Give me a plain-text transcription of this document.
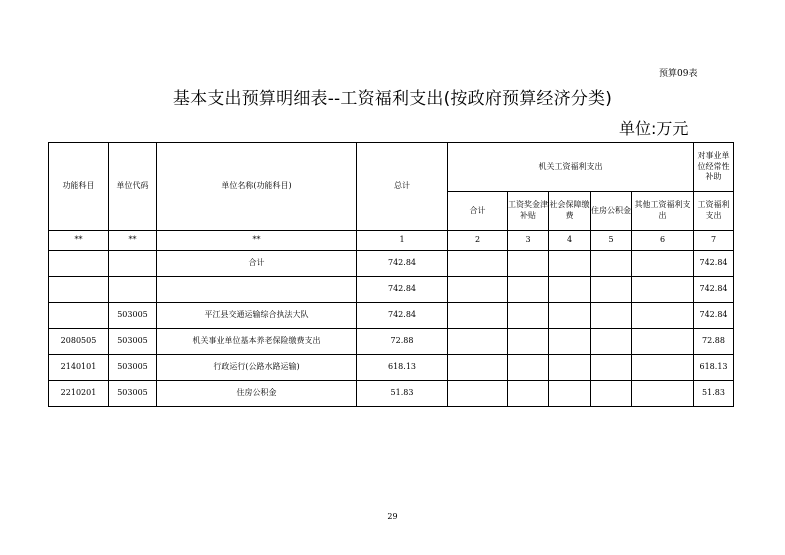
预算09表
基本支出预算明细表--工资福利支出(按政府预算经济分类)
单位:万元
功能科目	单位代码	单位名称(功能科目)	总计	机关工资福利支出					对事业单位经常性补助
				合计	工资奖金津补贴	社会保障缴费	住房公积金	其他工资福利支出	工资福利支出
**	**	**	1	2	3	4	5	6	7
		合计	742.84						742.84
			742.84						742.84
	503005	平江县交通运输综合执法大队	742.84						742.84
2080505	503005	机关事业单位基本养老保险缴费支出	72.88						72.88
2140101	503005	行政运行(公路水路运输)	618.13						618.13
2210201	503005	住房公积金	51.83						51.83
29
